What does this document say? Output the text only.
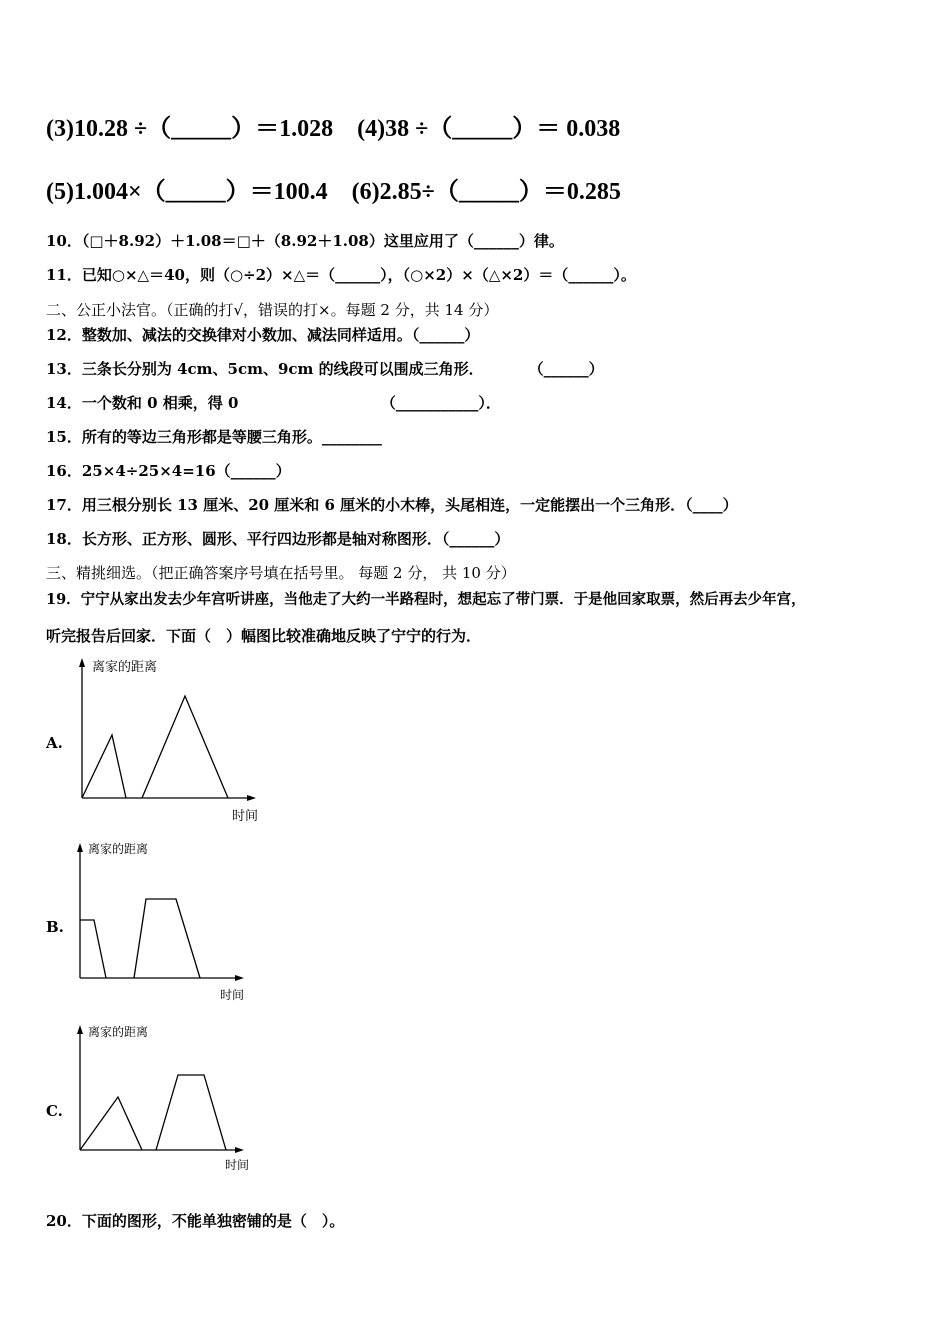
(3)10.28 ÷（_____）＝1.028　(4)38 ÷（_____）＝ 0.038
(5)1.004×（_____）＝100.4　(6)2.85÷（_____）＝0.285
10．（□＋8.92）＋1.08＝□＋（8.92＋1.08）这里应用了（______）律。
11．已知○×△＝40，则（○÷2）×△＝（______），（○×2）×（△×2）＝（______）。
二、公正小法官。（正确的打√，错误的打×。每题 2 分，共 14 分）
12．整数加、减法的交换律对小数加、减法同样适用。（______）
13．三条长分别为 4cm、5cm、9cm 的线段可以围成三角形．　　　　（______）
14．一个数和 0 相乘，得 0　　　　　　　　　　（___________）．
15．所有的等边三角形都是等腰三角形。________
16．25×4÷25×4=16（______）
17．用三根分别长 13 厘米、20 厘米和 6 厘米的小木棒，头尾相连，一定能摆出一个三角形．（____）
18．长方形、正方形、圆形、平行四边形都是轴对称图形．（______）
三、精挑细选。（把正确答案序号填在括号里。 每题 2 分， 共 10 分）
19．宁宁从家出发去少年宫听讲座，当他走了大约一半路程时，想起忘了带门票．于是他回家取票，然后再去少年宫，
听完报告后回家．下面（　）幅图比较准确地反映了宁宁的行为．
A.
离家的距离
时间
B.
离家的距离
时间
C.
离家的距离
时间
20．下面的图形，不能单独密铺的是（　）。
